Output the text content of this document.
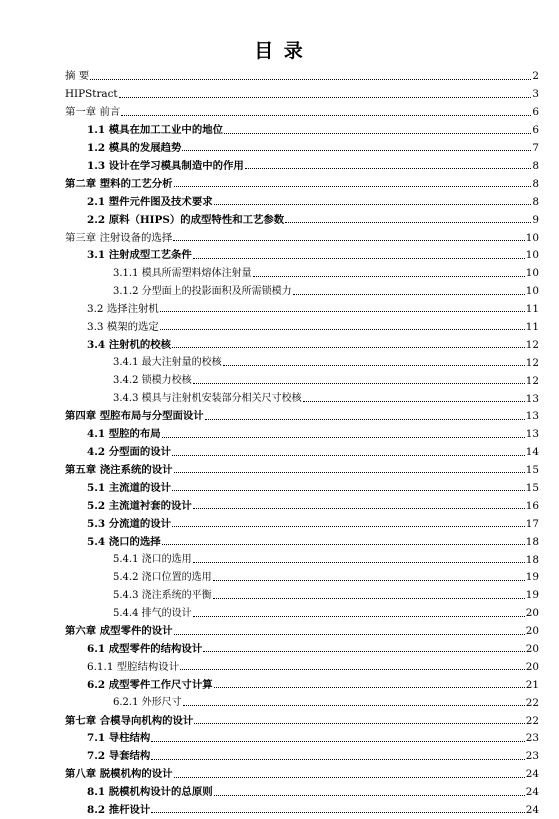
目 录
摘 要	2
HIPStract	3
第一章 前言	6
1.1 模具在加工工业中的地位	6
1.2 模具的发展趋势	7
1.3 设计在学习模具制造中的作用	8
第二章 塑料的工艺分析	8
2.1 塑件元件图及技术要求	8
2.2 原料（HIPS）的成型特性和工艺参数	9
第三章 注射设备的选择	10
3.1 注射成型工艺条件	10
3.1.1 模具所需塑料熔体注射量	10
3.1.2 分型面上的投影面积及所需锁模力	10
3.2 选择注射机	11
3.3 模架的选定	11
3.4 注射机的校核	12
3.4.1 最大注射量的校核	12
3.4.2 锁模力校核	12
3.4.3 模具与注射机安装部分相关尺寸校核	13
第四章 型腔布局与分型面设计	13
4.1 型腔的布局	13
4.2 分型面的设计	14
第五章 浇注系统的设计	15
5.1 主流道的设计	15
5.2 主流道衬套的设计	16
5.3 分流道的设计	17
5.4 浇口的选择	18
5.4.1 浇口的选用	18
5.4.2 浇口位置的选用	19
5.4.3 浇注系统的平衡	19
5.4.4 排气的设计	20
第六章 成型零件的设计	20
6.1 成型零件的结构设计	20
6.1.1 型腔结构设计	20
6.2 成型零件工作尺寸计算	21
6.2.1 外形尺寸	22
第七章 合模导向机构的设计	22
7.1 导柱结构	23
7.2 导套结构	23
第八章 脱模机构的设计	24
8.1 脱模机构设计的总原则	24
8.2 推杆设计	24
